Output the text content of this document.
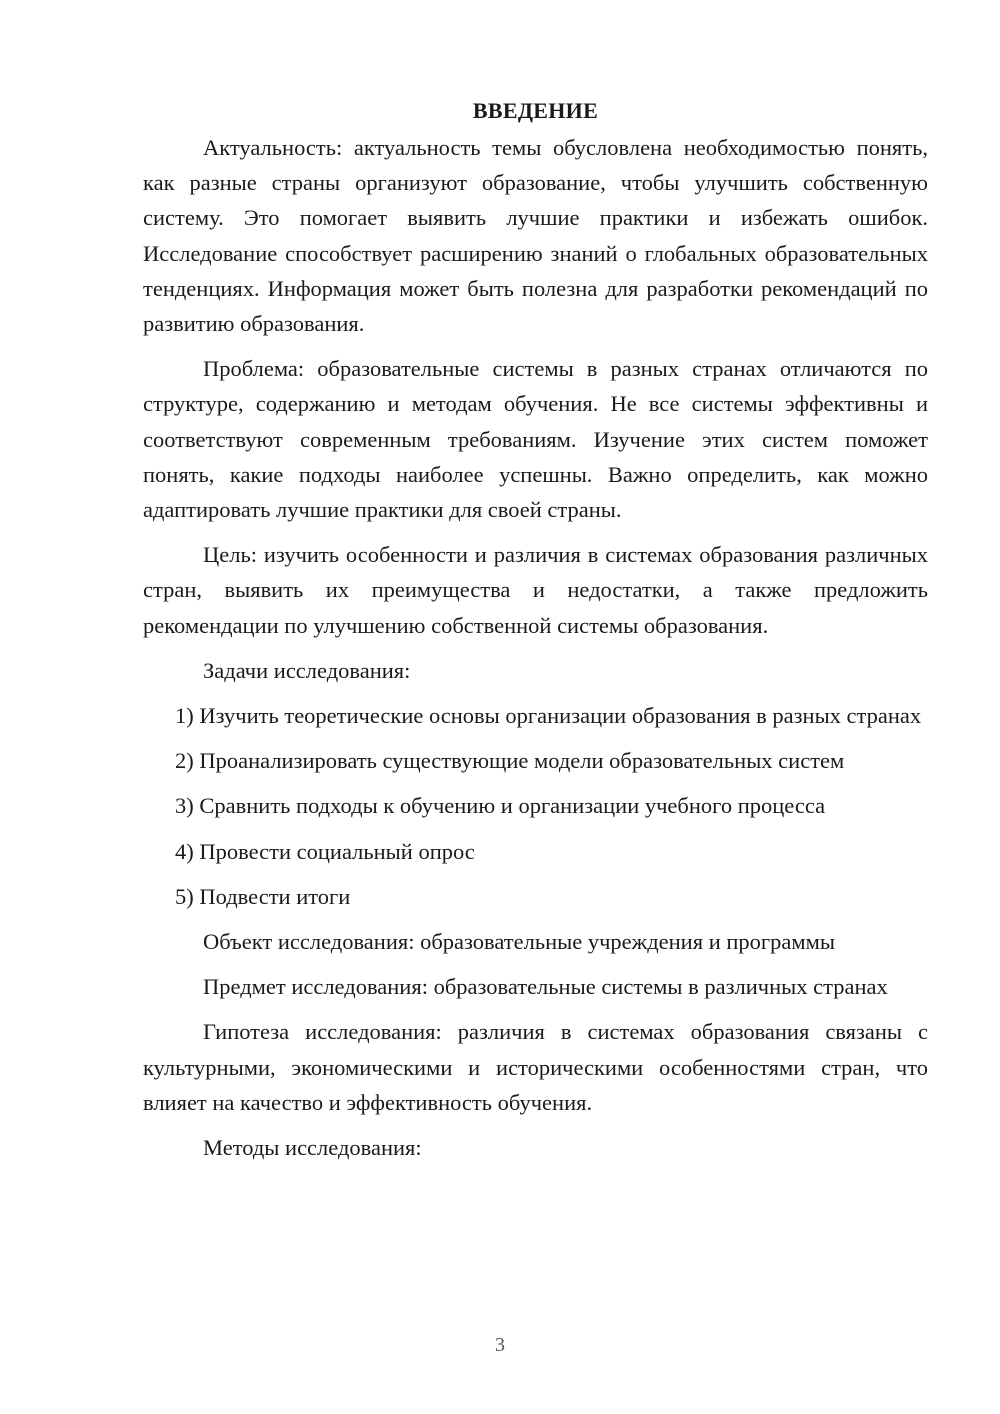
ВВЕДЕНИЕ

Актуальность: актуальность темы обусловлена необходимостью понять, как разные страны организуют образование, чтобы улучшить собственную систему. Это помогает выявить лучшие практики и избежать ошибок. Исследование способствует расширению знаний о глобальных образовательных тенденциях. Информация может быть полезна для разработки рекомендаций по развитию образования.

Проблема: образовательные системы в разных странах отличаются по структуре, содержанию и методам обучения. Не все системы эффективны и соответствуют современным требованиям. Изучение этих систем поможет понять, какие подходы наиболее успешны. Важно определить, как можно адаптировать лучшие практики для своей страны.

Цель: изучить особенности и различия в системах образования различных стран, выявить их преимущества и недостатки, а также предложить рекомендации по улучшению собственной системы образования.

Задачи исследования:

1) Изучить теоретические основы организации образования в разных странах

2) Проанализировать существующие модели образовательных систем

3) Сравнить подходы к обучению и организации учебного процесса

4) Провести социальный опрос

5) Подвести итоги

Объект исследования: образовательные учреждения и программы

Предмет исследования: образовательные системы в различных странах

Гипотеза исследования: различия в системах образования связаны с культурными, экономическими и историческими особенностями стран, что влияет на качество и эффективность обучения.

Методы исследования:

3
